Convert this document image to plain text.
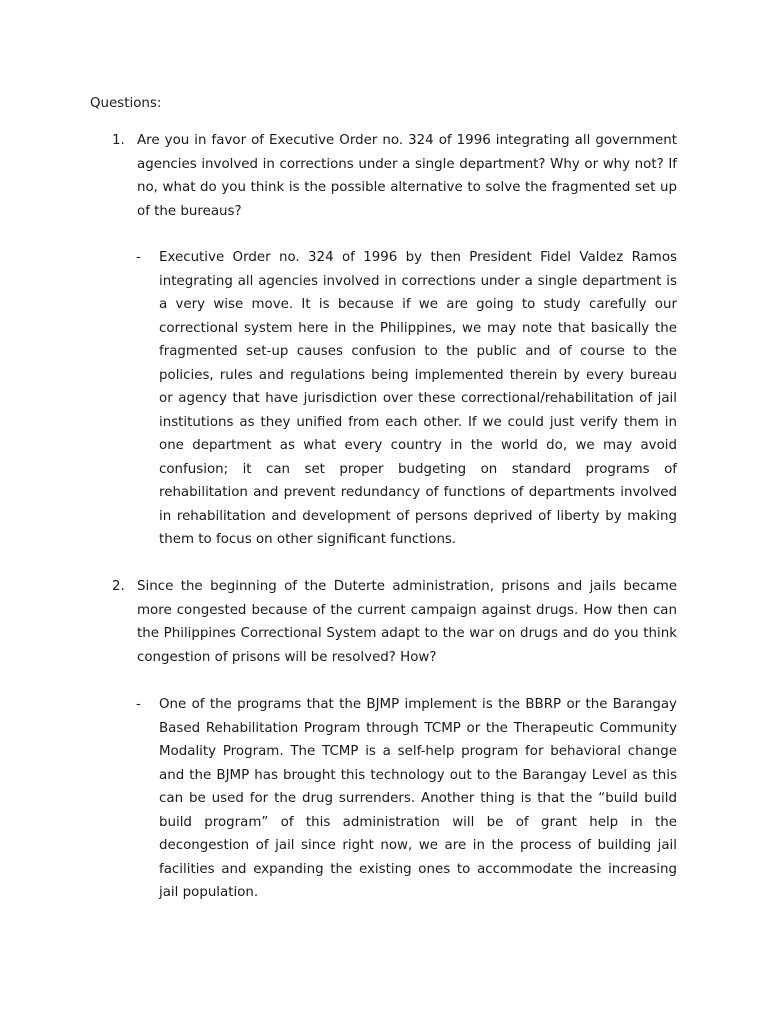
Questions:
1. Are you in favor of Executive Order no. 324 of 1996 integrating all government agencies involved in corrections under a single department? Why or why not? If no, what do you think is the possible alternative to solve the fragmented set up of the bureaus?

- Executive Order no. 324 of 1996 by then President Fidel Valdez Ramos integrating all agencies involved in corrections under a single department is a very wise move. It is because if we are going to study carefully our correctional system here in the Philippines, we may note that basically the fragmented set-up causes confusion to the public and of course to the policies, rules and regulations being implemented therein by every bureau or agency that have jurisdiction over these correctional/rehabilitation of jail institutions as they unified from each other. If we could just verify them in one department as what every country in the world do, we may avoid confusion; it can set proper budgeting on standard programs of rehabilitation and prevent redundancy of functions of departments involved in rehabilitation and development of persons deprived of liberty by making them to focus on other significant functions.

2. Since the beginning of the Duterte administration, prisons and jails became more congested because of the current campaign against drugs. How then can the Philippines Correctional System adapt to the war on drugs and do you think congestion of prisons will be resolved? How?

- One of the programs that the BJMP implement is the BBRP or the Barangay Based Rehabilitation Program through TCMP or the Therapeutic Community Modality Program. The TCMP is a self-help program for behavioral change and the BJMP has brought this technology out to the Barangay Level as this can be used for the drug surrenders. Another thing is that the “build build build program” of this administration will be of grant help in the decongestion of jail since right now, we are in the process of building jail facilities and expanding the existing ones to accommodate the increasing jail population.
